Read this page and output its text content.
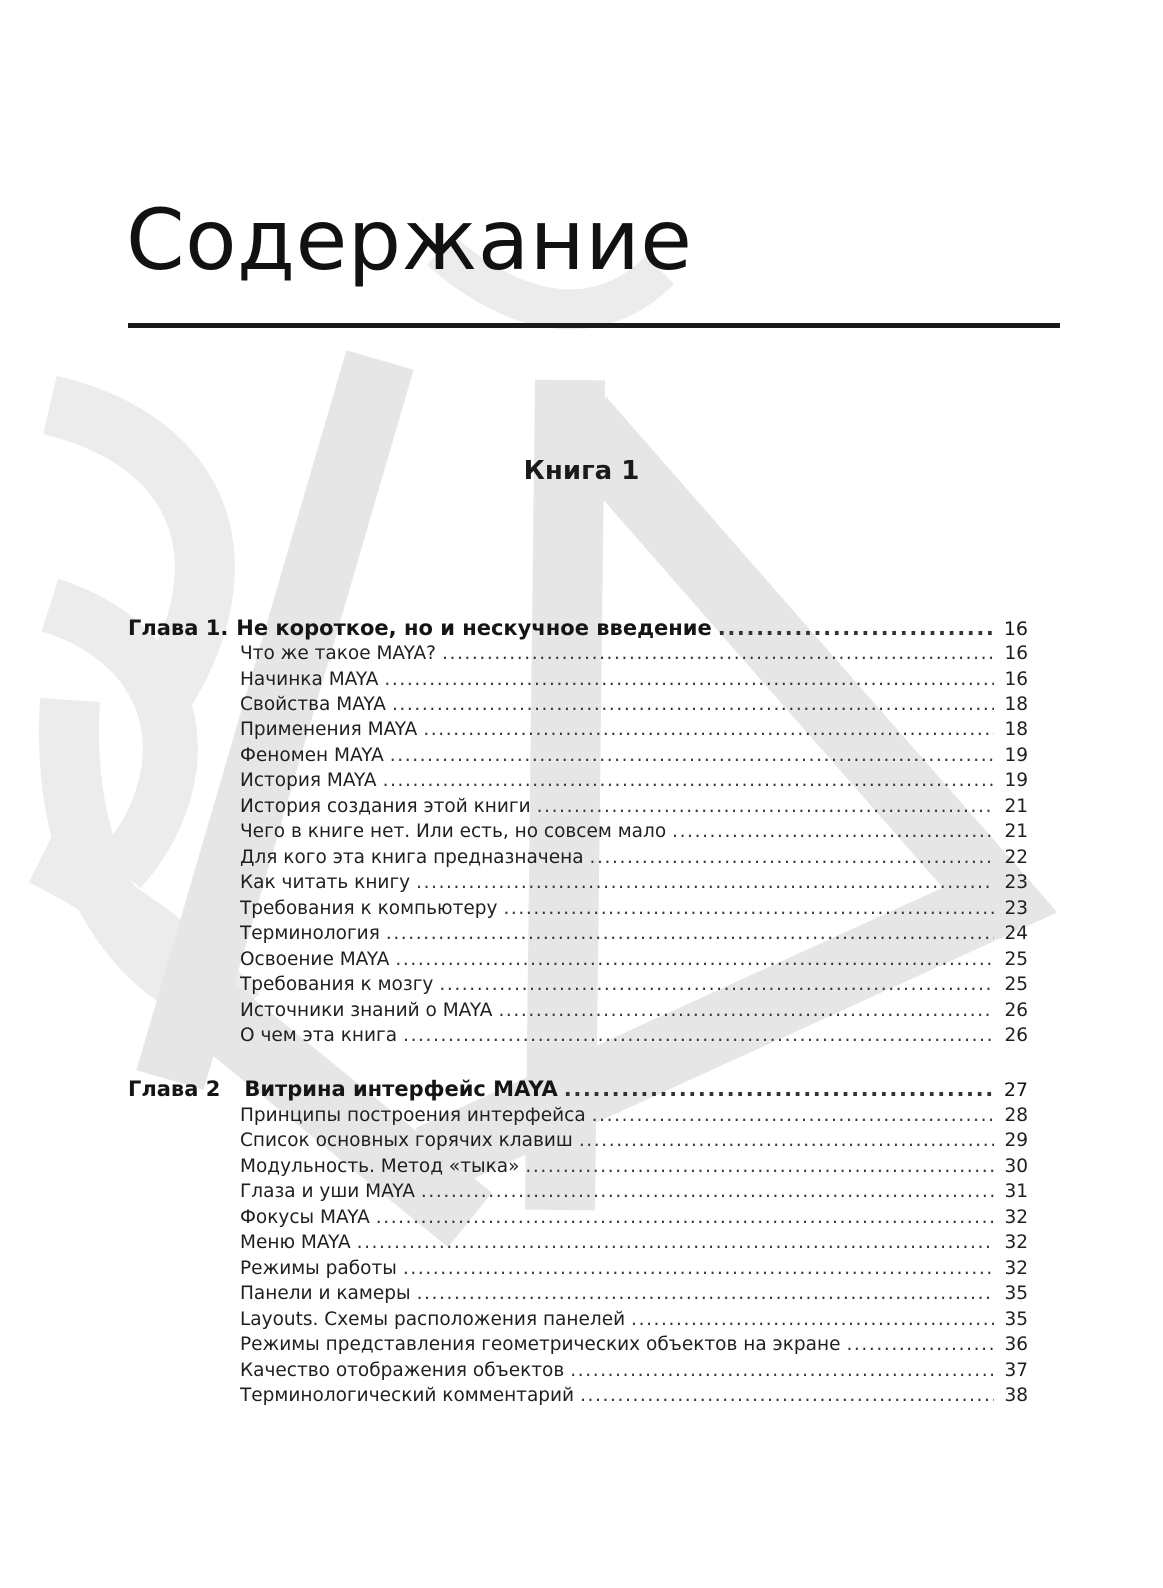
Содержание
Книга 1
Глава 1. Не короткое, но и нескучное введение .....	16
Что же такое MAYA? .....	16
Начинка MAYA .....	16
Свойства MAYA .....	18
Применения MAYA .....	18
Феномен MAYA .....	19
История MAYA .....	19
История создания этой книги .....	21
Чего в книге нет. Или есть, но совсем мало .....	21
Для кого эта книга предназначена .....	22
Как читать книгу .....	23
Требования к компьютеру .....	23
Терминология .....	24
Освоение MAYA .....	25
Требования к мозгу .....	25
Источники знаний о MAYA .....	26
О чем эта книга .....	26
Глава 2 Витрина интерфейс MAYA .....	27
Принципы построения интерфейса .....	28
Список основных горячих клавиш .....	29
Модульность. Метод «тыка» .....	30
Глаза и уши MAYA .....	31
Фокусы MAYA .....	32
Меню MAYA .....	32
Режимы работы .....	32
Панели и камеры .....	35
Layouts. Схемы расположения панелей .....	35
Режимы представления геометрических объектов на экране .....	36
Качество отображения объектов .....	37
Терминологический комментарий .....	38
